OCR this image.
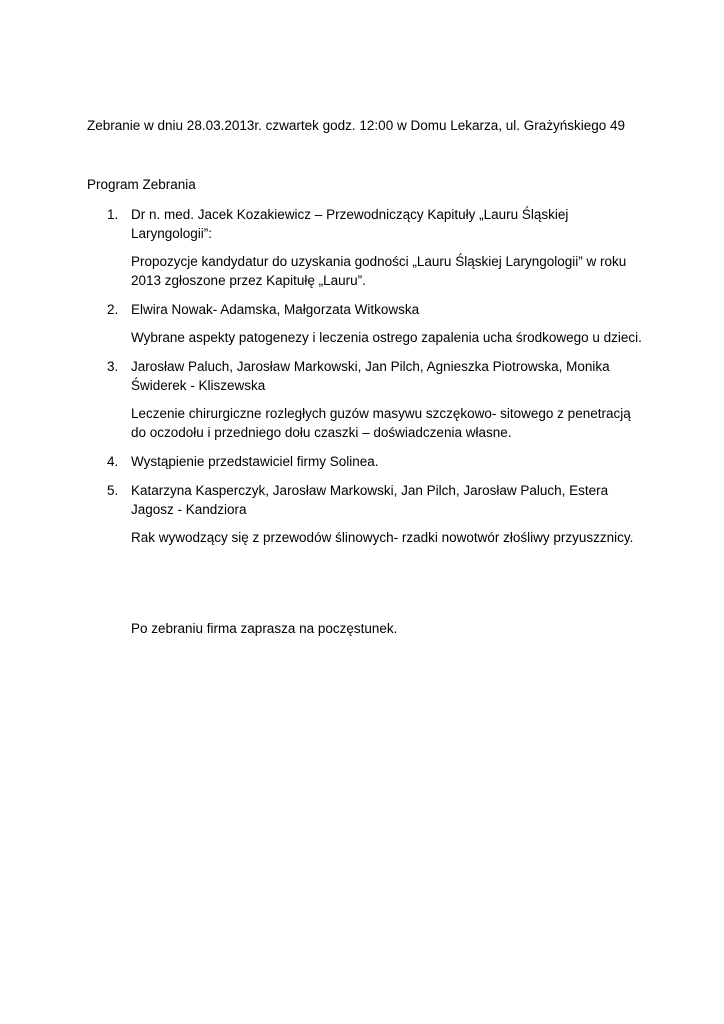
Zebranie w dniu 28.03.2013r. czwartek godz. 12:00 w Domu Lekarza, ul. Grażyńskiego 49
Program Zebrania
1. Dr n. med. Jacek Kozakiewicz – Przewodniczący Kapituły „Lauru Śląskiej Laryngologii”:
Propozycje kandydatur do uzyskania godności „Lauru Śląskiej Laryngologii” w roku 2013 zgłoszone przez Kapitułę „Lauru”.
2. Elwira Nowak- Adamska, Małgorzata Witkowska
Wybrane aspekty patogenezy i leczenia ostrego zapalenia ucha środkowego u dzieci.
3. Jarosław Paluch, Jarosław Markowski, Jan Pilch, Agnieszka Piotrowska, Monika Świderek - Kliszewska
Leczenie chirurgiczne rozległych guzów masywu szczękowo- sitowego z penetracją do oczodołu i przedniego dołu czaszki – doświadczenia własne.
4. Wystąpienie przedstawiciel firmy Solinea.
5. Katarzyna Kasperczyk, Jarosław Markowski, Jan Pilch, Jarosław Paluch, Estera Jagosz - Kandziora
Rak wywodzący się z przewodów ślinowych- rzadki nowotwór złośliwy przyuszznicy.
Po zebraniu firma zaprasza na poczęstunek.
